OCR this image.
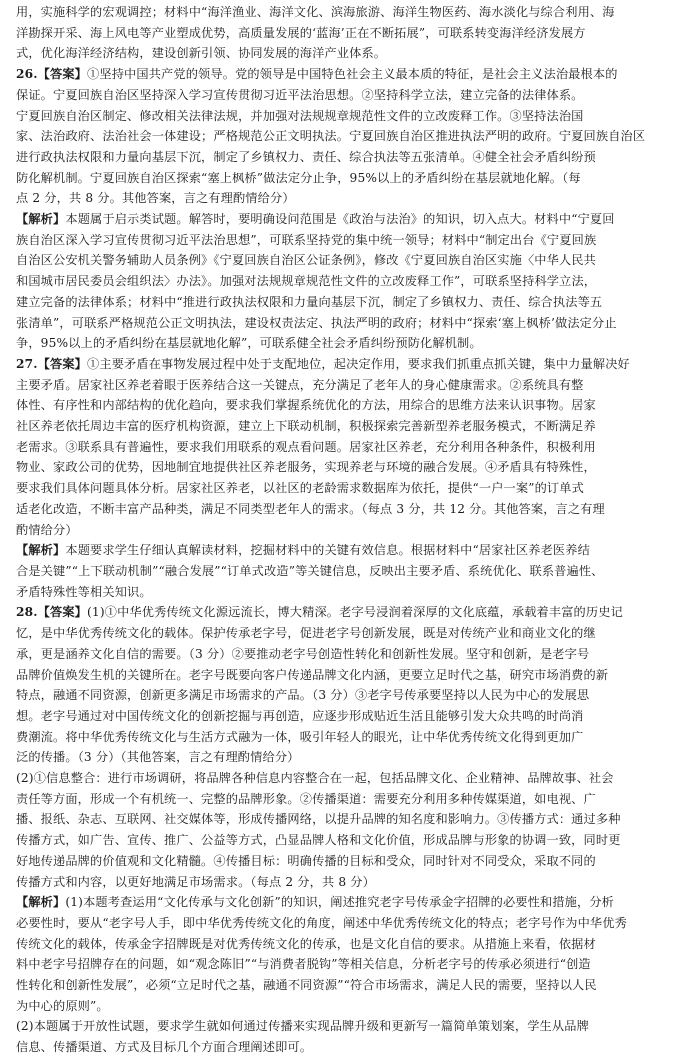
用，实施科学的宏观调控；材料中“海洋渔业、海洋文化、滨海旅游、海洋生物医药、海水淡化与综合利用、海
洋勘探开采、海上风电等产业塑成优势，高质量发展的‘蓝海’正在不断拓展”，可联系转变海洋经济发展方
式，优化海洋经济结构，建设创新引领、协同发展的海洋产业体系。
26.【答案】①坚持中国共产党的领导。党的领导是中国特色社会主义最本质的特征，是社会主义法治最根本的
保证。宁夏回族自治区坚持深入学习宣传贯彻习近平法治思想。②坚持科学立法，建立完备的法律体系。
宁夏回族自治区制定、修改相关法律法规，并加强对法规规章规范性文件的立改废释工作。③坚持法治国
家、法治政府、法治社会一体建设；严格规范公正文明执法。宁夏回族自治区推进执法严明的政府。宁夏回族自治区
进行政执法权限和力量向基层下沉，制定了乡镇权力、责任、综合执法等五张清单。④健全社会矛盾纠纷预
防化解机制。宁夏回族自治区探索“塞上枫桥”做法定分止争，95%以上的矛盾纠纷在基层就地化解。（每
点 2 分，共 8 分。其他答案，言之有理酌情给分）
【解析】本题属于启示类试题。解答时，要明确设问范围是《政治与法治》的知识，切入点大。材料中“宁夏回
族自治区深入学习宣传贯彻习近平法治思想”，可联系坚持党的集中统一领导；材料中“制定出台《宁夏回族
自治区公安机关警务辅助人员条例》《宁夏回族自治区公证条例》，修改《宁夏回族自治区实施〈中华人民共
和国城市居民委员会组织法〉办法》。加强对法规规章规范性文件的立改废释工作”，可联系坚持科学立法，
建立完备的法律体系；材料中“推进行政执法权限和力量向基层下沉，制定了乡镇权力、责任、综合执法等五
张清单”，可联系严格规范公正文明执法，建设权责法定、执法严明的政府；材料中“探索‘塞上枫桥’做法定分止
争，95%以上的矛盾纠纷在基层就地化解”，可联系健全社会矛盾纠纷预防化解机制。
27.【答案】①主要矛盾在事物发展过程中处于支配地位，起决定作用，要求我们抓重点抓关键，集中力量解决好
主要矛盾。居家社区养老着眼于医养结合这一关键点，充分满足了老年人的身心健康需求。②系统具有整
体性、有序性和内部结构的优化趋向，要求我们掌握系统优化的方法，用综合的思维方法来认识事物。居家
社区养老依托周边丰富的医疗机构资源，建立上下联动机制，积极探索完善新型养老服务模式，不断满足养
老需求。③联系具有普遍性，要求我们用联系的观点看问题。居家社区养老，充分利用各种条件，积极利用
物业、家政公司的优势，因地制宜地提供社区养老服务，实现养老与环境的融合发展。④矛盾具有特殊性，
要求我们具体问题具体分析。居家社区养老，以社区的老龄需求数据库为依托，提供“一户一案”的订单式
适老化改造，不断丰富产品种类，满足不同类型老年人的需求。（每点 3 分，共 12 分。其他答案，言之有理
酌情给分）
【解析】本题要求学生仔细认真解读材料，挖掘材料中的关键有效信息。根据材料中“居家社区养老医养结
合是关键”“上下联动机制”“融合发展”“订单式改造”等关键信息，反映出主要矛盾、系统优化、联系普遍性、
矛盾特殊性等相关知识。
28.【答案】(1)①中华优秀传统文化源远流长，博大精深。老字号浸润着深厚的文化底蕴，承载着丰富的历史记
忆，是中华优秀传统文化的载体。保护传承老字号，促进老字号创新发展，既是对传统产业和商业文化的继
承，更是涵养文化自信的需要。（3 分）②要推动老字号创造性转化和创新性发展。坚守和创新，是老字号
品牌价值焕发生机的关键所在。老字号既要向客户传递品牌文化内涵，更要立足时代之基，研究市场消费的新
特点，融通不同资源，创新更多满足市场需求的产品。（3 分）③老字号传承要坚持以人民为中心的发展思
想。老字号通过对中国传统文化的创新挖掘与再创造，应逐步形成贴近生活且能够引发大众共鸣的时尚消
费潮流。将中华优秀传统文化与生活方式融为一体，吸引年轻人的眼光，让中华优秀传统文化得到更加广
泛的传播。（3 分）（其他答案，言之有理酌情给分）
(2)①信息整合：进行市场调研，将品牌各种信息内容整合在一起，包括品牌文化、企业精神、品牌故事、社会
责任等方面，形成一个有机统一、完整的品牌形象。②传播渠道：需要充分利用多种传媒渠道，如电视、广
播、报纸、杂志、互联网、社交媒体等，形成传播网络，以提升品牌的知名度和影响力。③传播方式：通过多种
传播方式，如广告、宣传、推广、公益等方式，凸显品牌人格和文化价值，形成品牌与形象的协调一致，同时更
好地传递品牌的价值观和文化精髓。④传播目标：明确传播的目标和受众，同时针对不同受众，采取不同的
传播方式和内容，以更好地满足市场需求。（每点 2 分，共 8 分）
【解析】(1)本题考查运用“文化传承与文化创新”的知识，阐述推究老字号传承金字招牌的必要性和措施，分析
必要性时，要从“老字号人手，即中华优秀传统文化的角度，阐述中华优秀传统文化的特点；老字号作为中华优秀
传统文化的载体，传承金字招牌既是对优秀传统文化的传承，也是文化自信的要求。从措施上来看，依据材
料中老字号招牌存在的问题，如“观念陈旧”“与消费者脱钩”等相关信息，分析老字号的传承必须进行“创造
性转化和创新性发展”，必须“立足时代之基，融通不同资源”“符合市场需求，满足人民的需要，坚持以人民
为中心的原则”。
(2)本题属于开放性试题，要求学生就如何通过传播来实现品牌升级和更新写一篇简单策划案，学生从品牌
信息、传播渠道、方式及目标几个方面合理阐述即可。
